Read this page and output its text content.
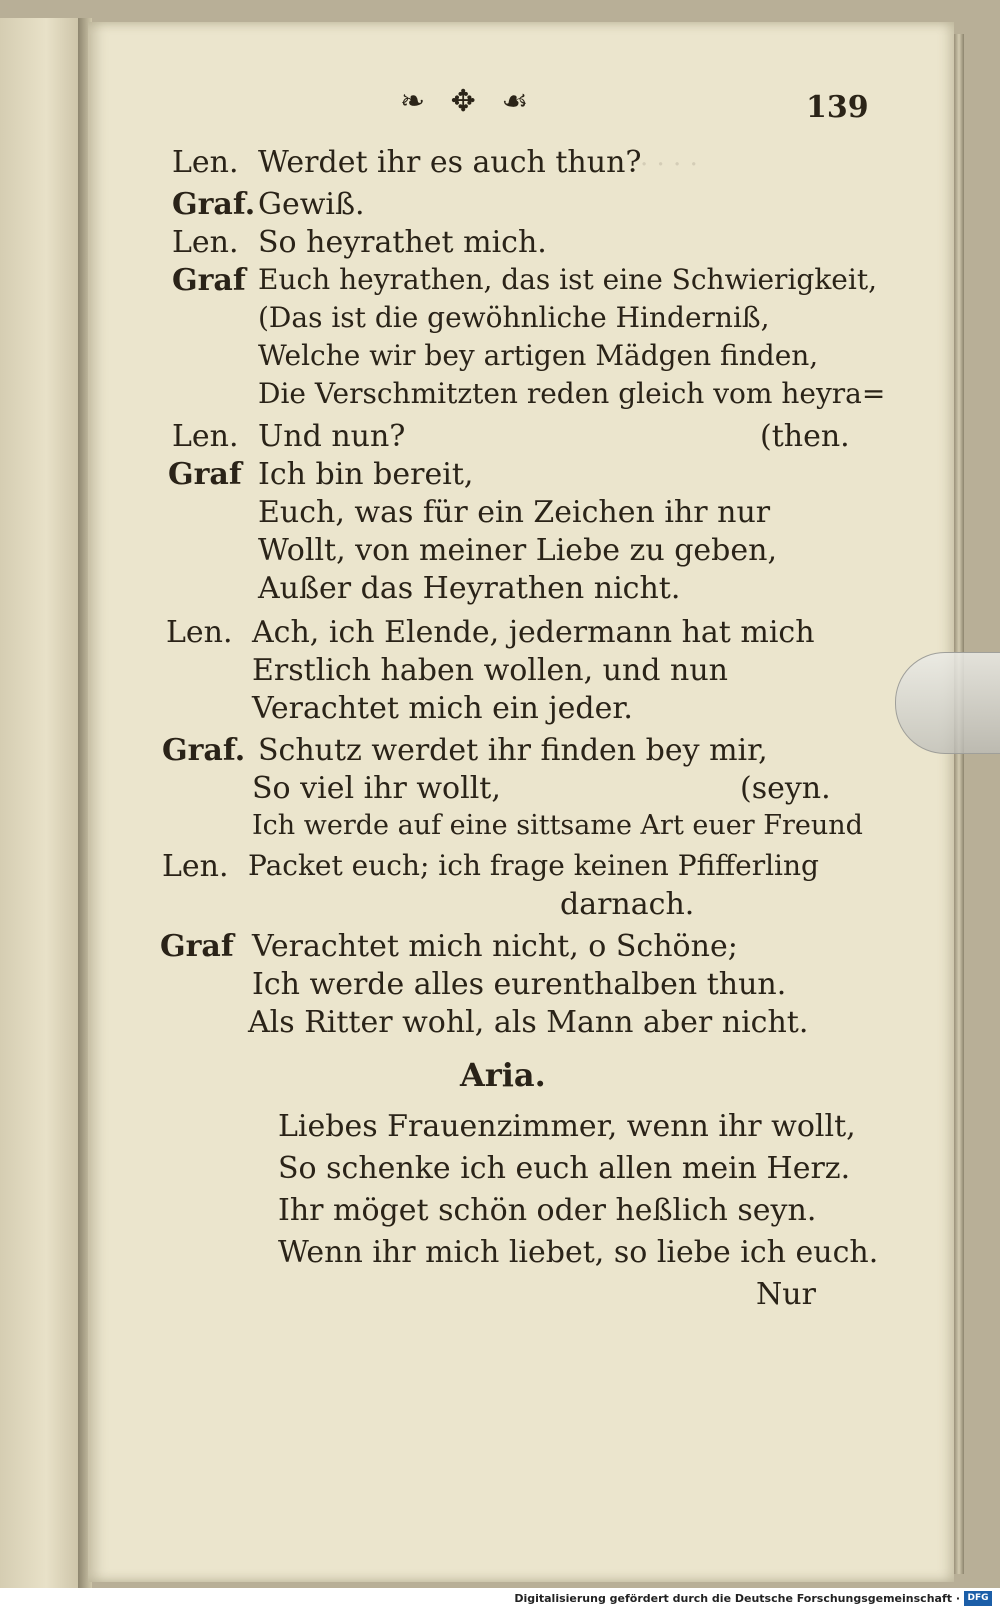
· · · ·
❧ ✥ ☙	139
Len. Werdet ihr es auch thun?
Graf. Gewiß.
Len. So heyrathet mich.
Graf Euch heyrathen, das ist eine Schwierigkeit,
(Das ist die gewöhnliche Hinderniß,
Welche wir bey artigen Mädgen finden,
Die Verschmitzten reden gleich vom heyra=
Len. Und nun?	(then.
Graf Ich bin bereit,
Euch, was für ein Zeichen ihr nur
Wollt, von meiner Liebe zu geben,
Außer das Heyrathen nicht.
Len. Ach, ich Elende, jedermann hat mich
Erstlich haben wollen, und nun
Verachtet mich ein jeder.
Graf. Schutz werdet ihr finden bey mir,
So viel ihr wollt,	(seyn.
Ich werde auf eine sittsame Art euer Freund
Len. Packet euch; ich frage keinen Pfifferling
darnach.
Graf Verachtet mich nicht, o Schöne;
Ich werde alles eurenthalben thun.
Als Ritter wohl, als Mann aber nicht.
Aria.
Liebes Frauenzimmer, wenn ihr wollt,
So schenke ich euch allen mein Herz.
Ihr möget schön oder heßlich seyn.
Wenn ihr mich liebet, so liebe ich euch.
Nur
Digitalisierung gefördert durch die Deutsche Forschungsgemeinschaft · DFG
